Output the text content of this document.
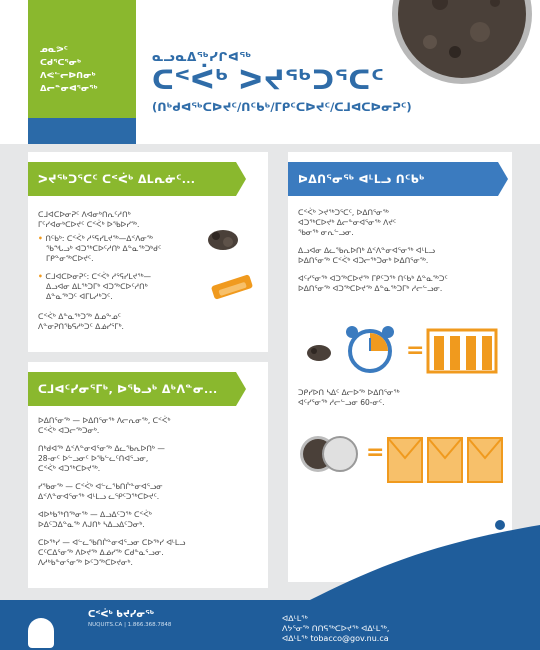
ᓄᓇᕗᑦ
ᑕᑯᕐᑕᕐᓂᒃ
ᐱᕙᓪᓕᐅᑎᓂᒃ
ᐃᓕᓐᓂᐊᕐᓂᖅ
ᓇᓗᓇᐃᖅᓯᒋᐊᖅ
ᑕᑉᐹᒃ ᐳᔪᖅᑐᕐᑕᑦ
(ᑎᒃᑯᐊᖅᑕᐅᔪᑦ/ᑎᑦᑲᒃ/ᒥᑭᑦᑕᐅᔪᑦ/ᑕᒧᐊᑕᐅᓂᕈᑦ)
ᐳᔪᖅᑐᕐᑕᑦ ᑕᑉᐹᒃ ᐃᒪᕆᓃᑦ...
ᑕᒧᐊᑕᐅᓂᕈᑦ ᐱᐊᓂᒃᑎᕆᑦᓱᑎᒃ
ᒥᑦᓯᐊᓂᒃᑕᐅᔪᑦ ᑕᑉᐹᒃ ᐅᖃᐅᓯᖅ.
• ᑎᑦᑲᒃ: ᑕᑉᐹᒃ ᓱᕐᕋᓯᒪᔪᖅ—ᐃᑉᐱᓂᖅ
ᖃᖓᓗᒃ ᐊᑐᖅᑕᐅᑦᓱᑎᒃ ᐃᓐᓇᖅᑐᒃᑯᑦ
ᒥᑭᓐᓂᖅᑕᐅᔪᑦ.
• ᑕᒧᐊᑕᐅᓂᕈᑦ: ᑕᑉᐹᒃ ᓱᕐᕋᓯᒪᔪᖅ—
ᐃᓗᐊᓂ ᐃᒪᖅᑐᒥᒃ ᐊᑐᖅᑕᐅᑦᓱᑎᒃ
ᐃᓐᓇᖅᑐᑦ ᐊᒥᒐᓱᒃᑐᑦ.
ᑕᑉᐹᒃ ᐃᓐᓇᖅᑐᖅ ᐃᓄᖕᓄᑦ
ᐱᓐᓂᕈᑎᖃᕋᓱᒃᑐᑦ ᐃᓅᓯᕐᒥᒃ.
ᑕᒧᐊᑦᓯᓂᕐᒥᒃ, ᐅᖃᓗᒃ ᐃᒃᐱᓐᓂ...
ᐅᐃᑎᕐᓂᖅ — ᐅᐃᑎᕐᓂᖅ ᐱᓕᕆᓂᖅ, ᑕᑉᐹᒃ
ᑕᑉᐹᒃ ᐊᑐᓕᖅᑐᓂᒃ.
ᑎᒃᑯᐊᖅ ᐃᑉᐱᓐᓂᐊᕐᓂᖅ ᐃᓚᖃᕆᐅᑎᒃ —
28-ᓂᑦ ᐅᓪᓗᓂᑦ ᐅᖃᓪᓚᑦᑎᐊᕐᓗᓂ,
ᑕᑉᐹᒃ ᐊᑐᖅᑕᐅᔪᖅ.
ᓯᖃᓂᖅ — ᑕᑉᐹᒃ ᐊᓪᓚᖃᑎᒌᓐᓂᐊᕐᓗᓂ
ᐃᑉᐱᓐᓂᐊᕐᓂᖅ ᐊᒻᒪᓗ ᓚᕿᑦᑐᖅᑕᐅᔪᑦ.
ᐊᐅᒃᑲᖅᑎᖅᓂᖅ — ᐃᓗᐃᑦᑐᖅ ᑕᑉᐹᒃ
ᐅᐃᑦᑐᐃᓐᓇᖅ ᐱᒍᑎᒃ ᓴᐃᓗᐃᑦᑐᓂᒃ.
ᑕᐅᖅᓯ — ᐊᓪᓚᖃᑎᒌᓐᓂᐊᕐᓗᓂ ᑕᐅᖅᓯ ᐊᒻᒪᓗ
ᑕᑦᑕᐃᕐᓂᖅ ᐱᐅᔪᖅ ᐃᓅᓯᖅ ᑕᑯᓐᓇᕐᓗᓂ.
ᐱᓱᒃᑲᓐᓂᕐᓂᖅ ᐅᑦᑐᖅᑕᐅᔪᓂᒃ.
ᐅᐃᑎᕐᓂᖅ ᐊᒻᒪᓗ ᑎᑦᑲᒃ
ᑕᑉᐹᒃ ᐳᔪᖅᑐᕐᑕᑦ, ᐅᐃᑎᕐᓂᖅ
ᐊᑐᖅᑕᐅᔪᒃ ᐃᓕᓐᓂᐊᕐᓂᖅ ᐱᔪᑦ
ᖃᓂᖅ ᓂᕆᓪᓗᓂ.
ᐃᓗᐊᓂ ᐃᓚᖃᕆᐅᑎᒃ ᐃᑉᐱᓐᓂᐊᕐᓂᖅ ᐊᒻᒪᓗ
ᐅᐃᑎᕐᓂᖅ ᑕᑉᐹᒃ ᐊᑐᓕᖅᑐᓂᒃ ᐅᐃᑎᕐᓂᖅ.
ᐊᑦᓯᕐᓂᖅ ᐊᑐᖅᑕᐅᔪᖅ ᒥᑭᑦᑐᖅ ᑎᑦᑲᒃ ᐃᓐᓇᖅᑐᑦ
ᐅᐃᑎᕐᓂᖅ ᐊᑐᖅᑕᐅᔪᖅ ᐃᓐᓇᖅᑐᒥᒃ ᓱᓕᓪᓗᓂ.
=
ᑐᑭᓯᐅᑎ ᓴᐃᑦ ᐃᓕᐅᖅ ᐅᐃᑎᕐᓂᖅ
ᐊᑦᓯᕐᓂᖅ ᓱᓕᓪᓗᓂ 60-ᓂᑦ.
=
ᑕᑉᐹᒃ ᑲᔪᓯᓂᖅ
NUQUITS.CA | 1.866.368.7848
ᐊᐃᒻᒪᖅ
ᐱᔭᕐᓂᖅ ᑎᑎᕋᖅᑕᐅᔪᖅ ᐊᐃᒻᒪᖅ,
ᐊᐃᒻᒪᖅ tobacco@gov.nu.ca
